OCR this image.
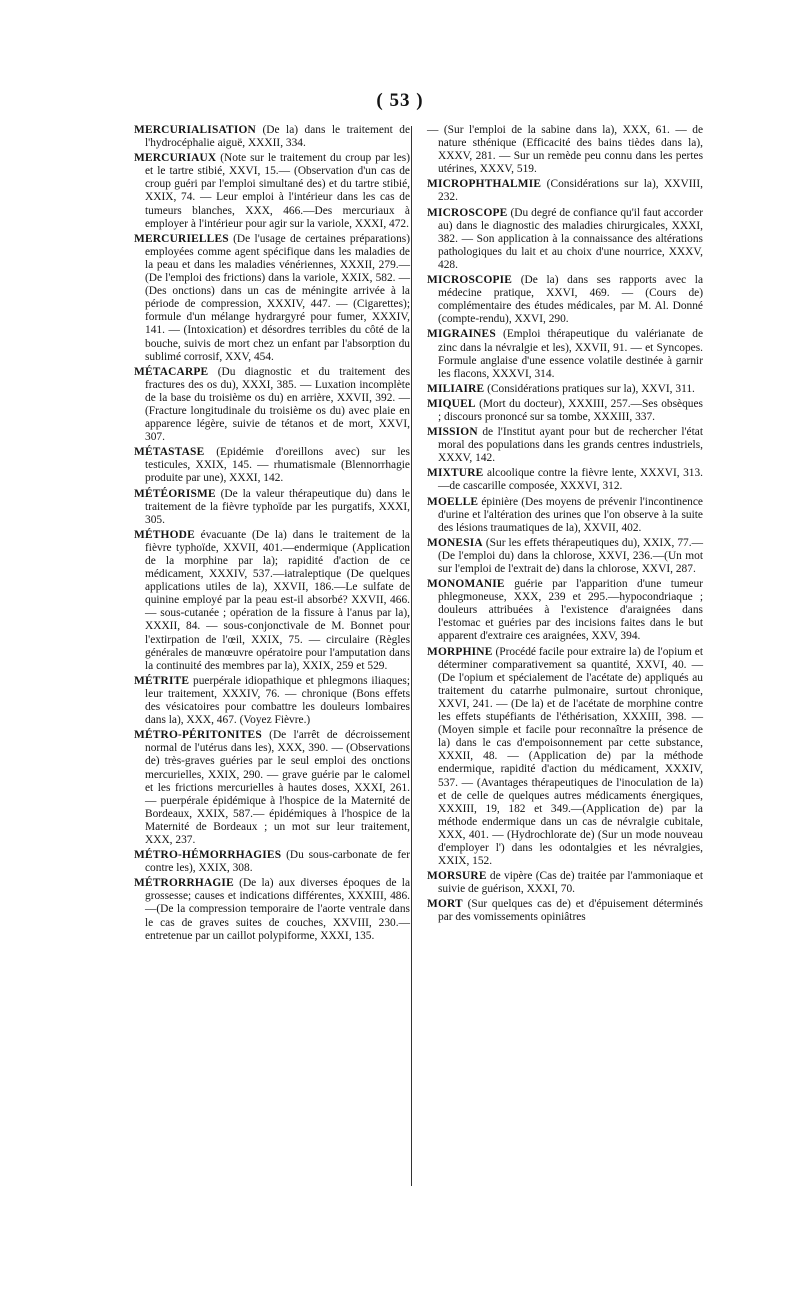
( 53 )

MERCURIALISATION (De la) dans le traitement de l'hydrocéphalie aiguë, XXXII, 334.

MERCURIAUX (Note sur le traitement du croup par les) et le tartre stibié, XXVI, 15.— (Observation d'un cas de croup guéri par l'emploi simultané des) et du tartre stibié, XXIX, 74. — Leur emploi à l'intérieur dans les cas de tumeurs blanches, XXX, 466.—Des mercuriaux à employer à l'intérieur pour agir sur la variole, XXXI, 472.

MERCURIELLES (De l'usage de certaines préparations) employées comme agent spécifique dans les maladies de la peau et dans les maladies vénériennes, XXXII, 279.—(De l'emploi des frictions) dans la variole, XXIX, 582. — (Des onctions) dans un cas de méningite arrivée à la période de compression, XXXIV, 447. — (Cigarettes); formule d'un mélange hydrargyré pour fumer, XXXIV, 141. — (Intoxication) et désordres terribles du côté de la bouche, suivis de mort chez un enfant par l'absorption du sublimé corrosif, XXV, 454.

MÉTACARPE (Du diagnostic et du traitement des fractures des os du), XXXI, 385. — Luxation incomplète de la base du troisième os du) en arrière, XXVII, 392. — (Fracture longitudinale du troisième os du) avec plaie en apparence légère, suivie de tétanos et de mort, XXVI, 307.

MÉTASTASE (Epidémie d'oreillons avec) sur les testicules, XXIX, 145. — rhumatismale (Blennorrhagie produite par une), XXXI, 142.

MÉTÉORISME (De la valeur thérapeutique du) dans le traitement de la fièvre typhoïde par les purgatifs, XXXI, 305.

MÉTHODE évacuante (De la) dans le traitement de la fièvre typhoïde, XXVII, 401.—endermique (Application de la morphine par la); rapidité d'action de ce médicament, XXXIV, 537.—iatraleptique (De quelques applications utiles de la), XXVII, 186.—Le sulfate de quinine employé par la peau est-il absorbé? XXVII, 466. — sous-cutanée ; opération de la fissure à l'anus par la), XXXII, 84. — sous-conjonctivale de M. Bonnet pour l'extirpation de l'œil, XXIX, 75. — circulaire (Règles générales de manœuvre opératoire pour l'amputation dans la continuité des membres par la), XXIX, 259 et 529.

MÉTRITE puerpérale idiopathique et phlegmons iliaques; leur traitement, XXXIV, 76. — chronique (Bons effets des vésicatoires pour combattre les douleurs lombaires dans la), XXX, 467. (Voyez Fièvre.)

MÉTRO-PÉRITONITES (De l'arrêt de décroissement normal de l'utérus dans les), XXX, 390. — (Observations de) très-graves guéries par le seul emploi des onctions mercurielles, XXIX, 290. — grave guérie par le calomel et les frictions mercurielles à hautes doses, XXXI, 261. — puerpérale épidémique à l'hospice de la Maternité de Bordeaux, XXIX, 587.— épidémiques à l'hospice de la Maternité de Bordeaux ; un mot sur leur traitement, XXX, 237.

MÉTRO-HÉMORRHAGIES (Du sous-carbonate de fer contre les), XXIX, 308.

MÉTRORRHAGIE (De la) aux diverses époques de la grossesse; causes et indications différentes, XXXIII, 486.—(De la compression temporaire de l'aorte ventrale dans le cas de graves suites de couches, XXVIII, 230.—entretenue par un caillot polypiforme, XXXI, 135.

— (Sur l'emploi de la sabine dans la), XXX, 61. — de nature sthénique (Efficacité des bains tièdes dans la), XXXV, 281. — Sur un remède peu connu dans les pertes utérines, XXXV, 519.

MICROPHTHALMIE (Considérations sur la), XXVIII, 232.

MICROSCOPE (Du degré de confiance qu'il faut accorder au) dans le diagnostic des maladies chirurgicales, XXXI, 382. — Son application à la connaissance des altérations pathologiques du lait et au choix d'une nourrice, XXXV, 428.

MICROSCOPIE (De la) dans ses rapports avec la médecine pratique, XXVI, 469. — (Cours de) complémentaire des études médicales, par M. Al. Donné (compte-rendu), XXVI, 290.

MIGRAINES (Emploi thérapeutique du valérianate de zinc dans la névralgie et les), XXVII, 91. — et Syncopes. Formule anglaise d'une essence volatile destinée à garnir les flacons, XXXVI, 314.

MILIAIRE (Considérations pratiques sur la), XXVI, 311.

MIQUEL (Mort du docteur), XXXIII, 257.—Ses obsèques ; discours prononcé sur sa tombe, XXXIII, 337.

MISSION de l'Institut ayant pour but de rechercher l'état moral des populations dans les grands centres industriels, XXXV, 142.

MIXTURE alcoolique contre la fièvre lente, XXXVI, 313.—de cascarille composée, XXXVI, 312.

MOELLE épinière (Des moyens de prévenir l'incontinence d'urine et l'altération des urines que l'on observe à la suite des lésions traumatiques de la), XXVII, 402.

MONESIA (Sur les effets thérapeutiques du), XXIX, 77.—(De l'emploi du) dans la chlorose, XXVI, 236.—(Un mot sur l'emploi de l'extrait de) dans la chlorose, XXVI, 287.

MONOMANIE guérie par l'apparition d'une tumeur phlegmoneuse, XXX, 239 et 295.—hypocondriaque ; douleurs attribuées à l'existence d'araignées dans l'estomac et guéries par des incisions faites dans le but apparent d'extraire ces araignées, XXV, 394.

MORPHINE (Procédé facile pour extraire la) de l'opium et déterminer comparativement sa quantité, XXVI, 40. — (De l'opium et spécialement de l'acétate de) appliqués au traitement du catarrhe pulmonaire, surtout chronique, XXVI, 241. — (De la) et de l'acétate de morphine contre les effets stupéfiants de l'éthérisation, XXXIII, 398. — (Moyen simple et facile pour reconnaître la présence de la) dans le cas d'empoisonnement par cette substance, XXXII, 48. — (Application de) par la méthode endermique, rapidité d'action du médicament, XXXIV, 537. — (Avantages thérapeutiques de l'inoculation de la) et de celle de quelques autres médicaments énergiques, XXXIII, 19, 182 et 349.—(Application de) par la méthode endermique dans un cas de névralgie cubitale, XXX, 401. — (Hydrochlorate de) (Sur un mode nouveau d'employer l') dans les odontalgies et les névralgies, XXIX, 152.

MORSURE de vipère (Cas de) traitée par l'ammoniaque et suivie de guérison, XXXI, 70.

MORT (Sur quelques cas de) et d'épuisement déterminés par des vomissements opiniâtres
